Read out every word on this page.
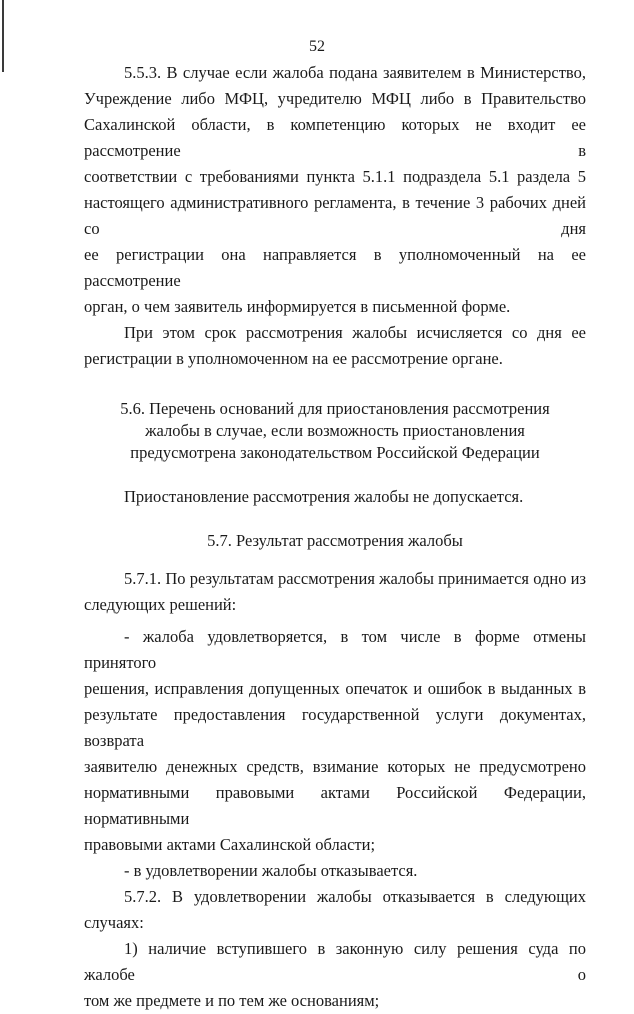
52

5.5.3. В случае если жалоба подана заявителем в Министерство,

Учреждение либо МФЦ, учредителю МФЦ либо в Правительство

Сахалинской области, в компетенцию которых не входит ее рассмотрение в

соответствии с требованиями пункта 5.1.1 подраздела 5.1 раздела 5

настоящего административного регламента, в течение 3 рабочих дней со дня

ее регистрации она направляется в уполномоченный на ее рассмотрение

орган, о чем заявитель информируется в письменной форме.

При этом срок рассмотрения жалобы исчисляется со дня ее

регистрации в уполномоченном на ее рассмотрение органе.

5.6. Перечень оснований для приостановления рассмотрения

жалобы в случае, если возможность приостановления

предусмотрена законодательством Российской Федерации

Приостановление рассмотрения жалобы не допускается.

5.7. Результат рассмотрения жалобы

5.7.1. По результатам рассмотрения жалобы принимается одно из

следующих решений:

- жалоба удовлетворяется, в том числе в форме отмены принятого

решения, исправления допущенных опечаток и ошибок в выданных в

результате предоставления государственной услуги документах, возврата

заявителю денежных средств, взимание которых не предусмотрено

нормативными правовыми актами Российской Федерации, нормативными

правовыми актами Сахалинской области;

- в удовлетворении жалобы отказывается.

5.7.2. В удовлетворении жалобы отказывается в следующих случаях:

1) наличие вступившего в законную силу решения суда по жалобе о

том же предмете и по тем же основаниям;
